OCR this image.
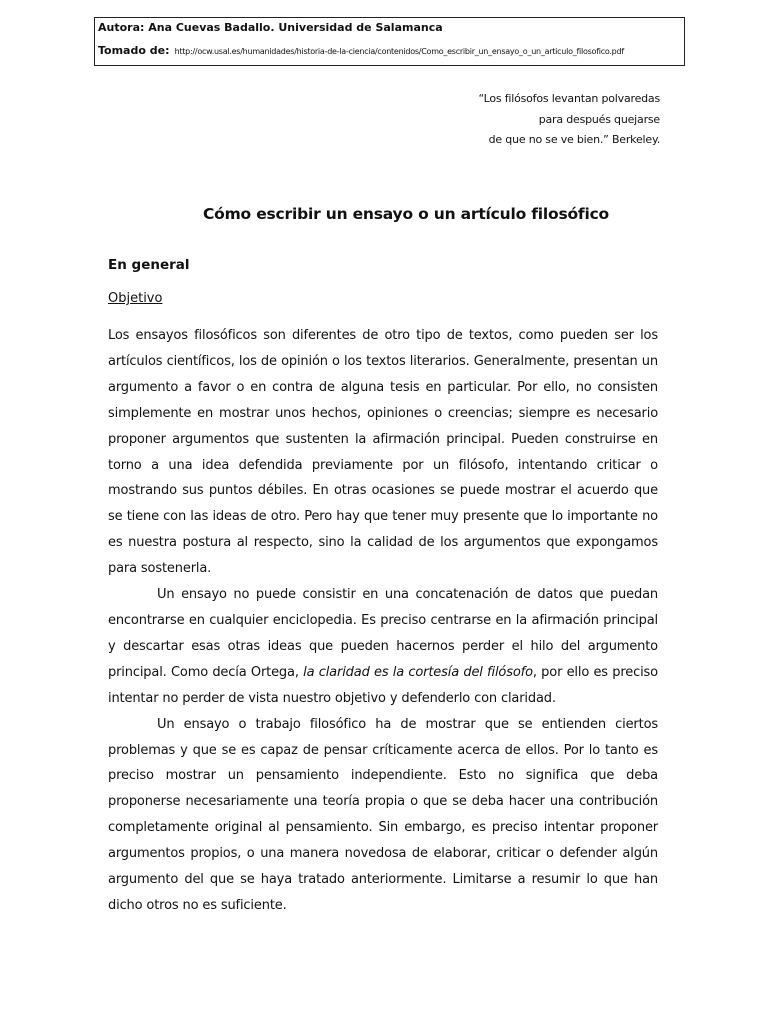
Autora: Ana Cuevas Badallo. Universidad de Salamanca
Tomado de: http://ocw.usal.es/humanidades/historia-de-la-ciencia/contenidos/Como_escribir_un_ensayo_o_un_articulo_filosofico.pdf
“Los filósofos levantan polvaredas
para después quejarse
de que no se ve bien.” Berkeley.
Cómo escribir un ensayo o un artículo filosófico
En general
Objetivo

Los ensayos filosóficos son diferentes de otro tipo de textos, como pueden ser los artículos científicos, los de opinión o los textos literarios. Generalmente, presentan un argumento a favor o en contra de alguna tesis en particular. Por ello, no consisten simplemente en mostrar unos hechos, opiniones o creencias; siempre es necesario proponer argumentos que sustenten la afirmación principal. Pueden construirse en torno a una idea defendida previamente por un filósofo, intentando criticar o mostrando sus puntos débiles. En otras ocasiones se puede mostrar el acuerdo que se tiene con las ideas de otro. Pero hay que tener muy presente que lo importante no es nuestra postura al respecto, sino la calidad de los argumentos que expongamos para sostenerla.

Un ensayo no puede consistir en una concatenación de datos que puedan encontrarse en cualquier enciclopedia. Es preciso centrarse en la afirmación principal y descartar esas otras ideas que pueden hacernos perder el hilo del argumento principal. Como decía Ortega, la claridad es la cortesía del filósofo, por ello es preciso intentar no perder de vista nuestro objetivo y defenderlo con claridad.

Un ensayo o trabajo filosófico ha de mostrar que se entienden ciertos problemas y que se es capaz de pensar críticamente acerca de ellos. Por lo tanto es preciso mostrar un pensamiento independiente. Esto no significa que deba proponerse necesariamente una teoría propia o que se deba hacer una contribución completamente original al pensamiento. Sin embargo, es preciso intentar proponer argumentos propios, o una manera novedosa de elaborar, criticar o defender algún argumento del que se haya tratado anteriormente. Limitarse a resumir lo que han dicho otros no es suficiente.
